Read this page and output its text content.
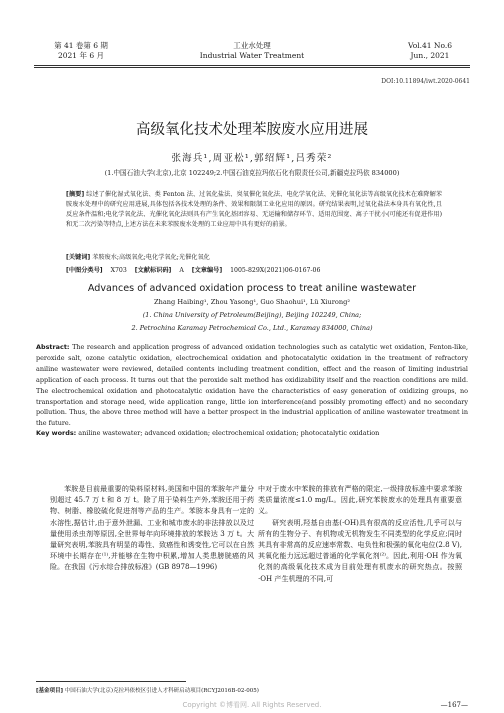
第 41 卷第 6 期
2021 年 6 月
工业水处理
Industrial Water Treatment
Vol.41 No.6
Jun., 2021
DOI:10.11894/iwt.2020-0641
高级氧化技术处理苯胺废水应用进展
张海兵¹,周亚松¹,郭绍辉¹,吕秀荣²
(1.中国石油大学(北京),北京 102249;2.中国石油克拉玛依石化有限责任公司,新疆克拉玛依 834000)
[摘要] 综述了催化湿式氧化法、类 Fenton 法、过氧化盐法、臭氧催化氧化法、电化学氧化法、光催化氧化法等高级氧化技术在难降解苯胺废水处理中的研究应用进展,具体包括各技术处理的条件、效果和限制工业化应用的原因。研究结果表明,过氧化盐法本身具有氧化性,且反应条件温和;电化学氧化法、光催化氧化法则具有产生氧化基团容易、无运输和储存环节、适用范围宽、离子干扰小(可能还有促进作用)和无二次污染等特点,上述方法在未来苯胺废水处理的工业应用中具有更好的前景。
[关键词] 苯胺废水;高级氧化;电化学氧化;光催化氧化
[中图分类号] X703 [文献标识码] A [文章编号] 1005-829X(2021)06-0167-06
Advances of advanced oxidation process to treat aniline wastewater
Zhang Haibing¹, Zhou Yasong¹, Guo Shaohui¹, Lü Xiurong²
(1. China University of Petroleum(Beijing), Beijing 102249, China;
2. Petrochina Karamay Petrochemical Co., Ltd., Karamay 834000, China)
Abstract: The research and application progress of advanced oxidation technologies such as catalytic wet oxidation, Fenton-like, peroxide salt, ozone catalytic oxidation, electrochemical oxidation and photocatalytic oxidation in the treatment of refractory aniline wastewater were reviewed, detailed contents including treatment condition, effect and the reason of limiting industrial application of each process. It turns out that the peroxide salt method has oxidizability itself and the reaction conditions are mild. The electrochemical oxidation and photocatalytic oxidation have the characteristics of easy generation of oxidizing groups, no transportation and storage need, wide application range, little ion interference(and possibly promoting effect) and no secondary pollution. Thus, the above three method will have a better prospect in the industrial application of aniline wastewater treatment in the future.
Key words: aniline wastewater; advanced oxidation; electrochemical oxidation; photocatalytic oxidation

苯胺是目前最重要的染料原材料,美国和中国的苯胺年产量分别超过 45.7 万 t 和 8 万 t。除了用于染料生产外,苯胺还用于药物、树脂、橡胶硫化促进剂等产品的生产。苯胺本身具有一定的水溶性,据估计,由于意外泄漏、工业和城市废水的非法排放以及过量使用杀虫剂等原因,全世界每年向环境排放的苯胺达 3 万 t。大量研究表明,苯胺具有明显的毒性、致癌性和诱变性,它可以在自然环境中长期存在⁽¹⁾,并能够在生物中积累,增加人类患膀胱癌的风险。在我国《污水综合排放标准》(GB 8978—1996)

中对于废水中苯胺的排放有严格的限定,一级排放标准中要求苯胺类质量浓度≤1.0 mg/L。因此,研究苯胺废水的处理具有重要意义。

研究表明,羟基自由基(·OH)具有很高的反应活性,几乎可以与所有的生物分子、有机物或无机物发生不同类型的化学反应;同时其具有非常高的反应速率常数、电负性和极强的氧化电位(2.8 V),其氧化能力远远超过普通的化学氧化剂⁽²⁾。因此,利用·OH 作为氧化剂的高级氧化技术成为目前处理有机废水的研究热点。按照·OH 产生机理的不同,可

[基金项目] 中国石油大学(北京)克拉玛依校区引进人才科研启动项目(RCYJ2016B-02-005)
—167—
Copyright ©博看网. All Rights Reserved.
